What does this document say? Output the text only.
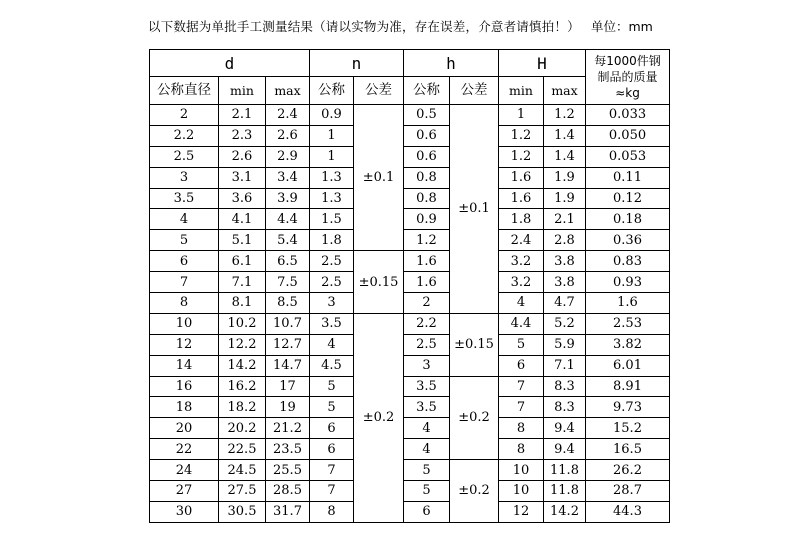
以下数据为单批手工测量结果（请以实物为准，存在误差，介意者请慎拍！） 单位：mm
d			n		h		H		每1000件钢
制品的质量
≈kg

公称直径	min	max	公称	公差	公称	公差	min	max	
2	2.1	2.4	0.9	±0.1	0.5	±0.1	1	1.2	0.033
2.2	2.3	2.6	1		0.6		1.2	1.4	0.050
2.5	2.6	2.9	1		0.6		1.2	1.4	0.053
3	3.1	3.4	1.3		0.8		1.6	1.9	0.11
3.5	3.6	3.9	1.3		0.8		1.6	1.9	0.12
4	4.1	4.4	1.5		0.9		1.8	2.1	0.18
5	5.1	5.4	1.8		1.2		2.4	2.8	0.36
6	6.1	6.5	2.5	±0.15	1.6		3.2	3.8	0.83
7	7.1	7.5	2.5		1.6		3.2	3.8	0.93
8	8.1	8.5	3		2		4	4.7	1.6
10	10.2	10.7	3.5	±0.2	2.2	±0.15	4.4	5.2	2.53
12	12.2	12.7	4		2.5		5	5.9	3.82
14	14.2	14.7	4.5		3		6	7.1	6.01
16	16.2	17	5		3.5	±0.2	7	8.3	8.91
18	18.2	19	5		3.5		7	8.3	9.73
20	20.2	21.2	6		4		8	9.4	15.2
22	22.5	23.5	6		4		8	9.4	16.5
24	24.5	25.5	7		5	±0.2	10	11.8	26.2
27	27.5	28.5	7		5		10	11.8	28.7
30	30.5	31.7	8		6		12	14.2	44.3
